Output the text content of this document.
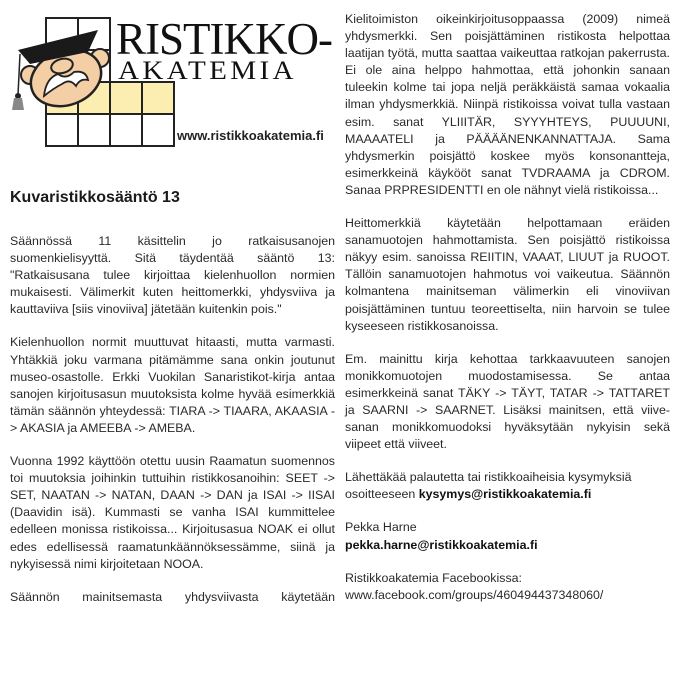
RISTIKKO-
AKATEMIA
www.ristikkoakatemia.fi
Kuvaristikkosääntö 13

Säännössä 11 käsittelin jo ratkaisusanojen suomenkielisyyttä. Sitä täydentää sääntö 13: "Ratkaisusana tulee kirjoittaa kielenhuollon normien mukaisesti. Välimerkit kuten heittomerkki, yhdysviiva ja kauttaviiva [siis vinoviiva] jätetään kuitenkin pois."

Kielenhuollon normit muuttuvat hitaasti, mutta varmasti. Yhtäkkiä joku varmana pitämämme sana onkin joutunut museo-osastolle. Erkki Vuokilan Sanaristikot-kirja antaa sanojen kirjoitusasun muutoksista kolme hyvää esimerkkiä tämän säännön yhteydessä: TIARA -> TIAARA, AKAASIA -> AKASIA ja AMEEBA -> AMEBA.

Vuonna 1992 käyttöön otettu uusin Raamatun suomennos toi muutoksia joihinkin tuttuihin ristikkosanoihin: SEET -> SET, NAATAN -> NATAN, DAAN -> DAN ja ISAI -> IISAI (Daavidin isä). Kummasti se vanha ISAI kummittelee edelleen monissa ristikoissa... Kirjoitusasua NOAK ei ollut edes edellisessä raamatunkäännöksessämme, siinä ja nykyisessä nimi kirjoitetaan NOOA.

Säännön mainitsemasta yhdysviivasta käytetään

Kielitoimiston oikeinkirjoitusoppaassa (2009) nimeä yhdysmerkki. Sen poisjättäminen ristikosta helpottaa laatijan työtä, mutta saattaa vaikeuttaa ratkojan pakerrusta. Ei ole aina helppo hahmottaa, että johonkin sanaan tuleekin kolme tai jopa neljä peräkkäistä samaa vokaalia ilman yhdysmerkkiä. Niinpä ristikoissa voivat tulla vastaan esim. sanat YLIIITÄR, SYYYHTEYS, PUUUUNI, MAAAATELI ja PÄÄÄÄNENKANNATTAJA. Sama yhdysmerkin poisjättö koskee myös konsonantteja, esimerkkeinä käykööt sanat TVDRAAMA ja CDROM. Sanaa PRPRESIDENTTI en ole nähnyt vielä ristikoissa...

Heittomerkkiä käytetään helpottamaan eräiden sanamuotojen hahmottamista. Sen poisjättö ristikoissa näkyy esim. sanoissa REIITIN, VAAAT, LIUUT ja RUOOT. Tällöin sanamuotojen hahmotus voi vaikeutua. Säännön kolmantena mainitseman välimerkin eli vinoviivan poisjättäminen tuntuu teoreettiselta, niin harvoin se tulee kyseeseen ristikkosanoissa.

Em. mainittu kirja kehottaa tarkkaavuuteen sanojen monikkomuotojen muodostamisessa. Se antaa esimerkkeinä sanat TÄKY -> TÄYT, TATAR -> TATTARET ja SAARNI -> SAARNET. Lisäksi mainitsen, että viive-sanan monikkomuodoksi hyväksytään nykyisin sekä viipeet että viiveet.

Lähettäkää palautetta tai ristikkoaiheisia kysymyksiä osoitteeseen kysymys@ristikkoakatemia.fi

Pekka Harne
pekka.harne@ristikkoakatemia.fi

Ristikkoakatemia Facebookissa:
www.facebook.com/groups/460494437348060/
